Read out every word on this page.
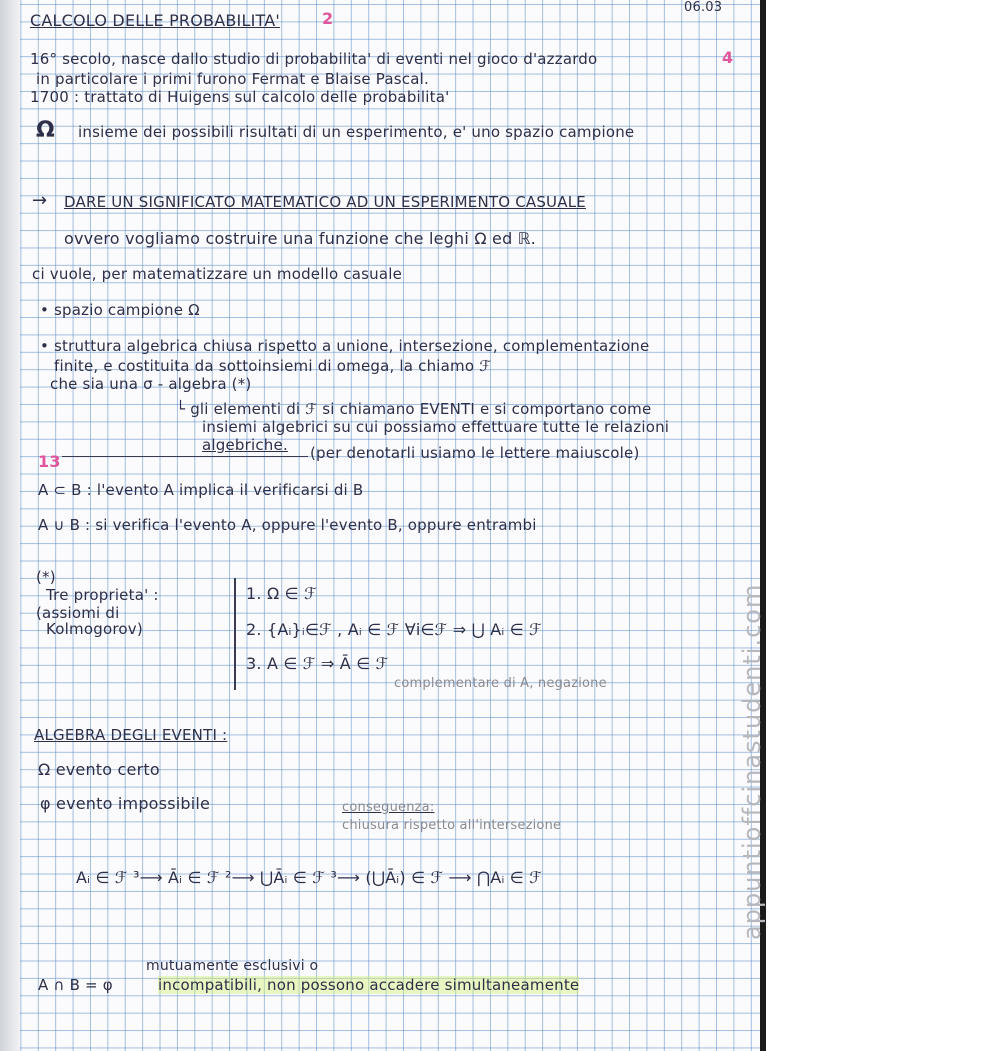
06.03
CALCOLO DELLE PROBABILITA'	2
16° secolo, nasce dallo studio di probabilita' di eventi nel gioco d'azzardo	4
in particolare i primi furono Fermat e Blaise Pascal.
1700 : trattato di Huigens sul calcolo delle probabilita'
Ω insieme dei possibili risultati di un esperimento, e' uno spazio campione
→ DARE UN SIGNIFICATO MATEMATICO AD UN ESPERIMENTO CASUALE
ovvero vogliamo costruire una funzione che leghi Ω ed ℝ.
ci vuole, per matematizzare un modello casuale
• spazio campione Ω
• struttura algebrica chiusa rispetto a unione, intersezione, complementazione
finite, e costituita da sottoinsiemi di omega, la chiamo ℱ
che sia una σ - algebra (*)
└ gli elementi di ℱ si chiamano EVENTI e si comportano come
insiemi algebrici su cui possiamo effettuare tutte le relazioni
algebriche. (per denotarli usiamo le lettere maiuscole)
13
A ⊂ B : l'evento A implica il verificarsi di B
A ∪ B : si verifica l'evento A, oppure l'evento B, oppure entrambi
(*)
Tre proprieta' :
(assiomi di
Kolmogorov)
1. Ω ∈ ℱ
2. {Aᵢ}ᵢ∈ℱ , Aᵢ ∈ ℱ ∀i∈ℱ ⇒ ⋃ Aᵢ ∈ ℱ
3. A ∈ ℱ ⇒ Ā ∈ ℱ
complementare di A, negazione
ALGEBRA DEGLI EVENTI :
Ω evento certo
φ evento impossibile	conseguenza:
chiusura rispetto all'intersezione
Aᵢ ∈ ℱ ³⟶ Āᵢ ∈ ℱ ²⟶ ⋃Āᵢ ∈ ℱ ³⟶ (⋃Āᵢ) ∈ ℱ ⟶ ⋂Aᵢ ∈ ℱ
mutuamente esclusivi o
A ∩ B = φ	incompatibili, non possono accadere simultaneamente
appuntioffcinastudenti.com
